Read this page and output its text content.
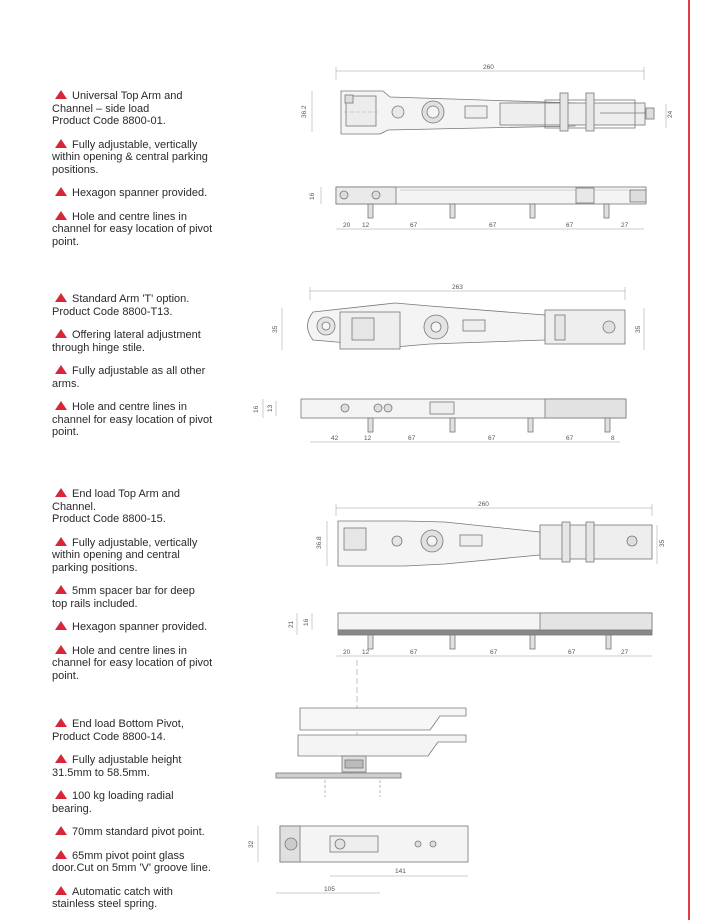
Universal Top Arm and
Channel – side load
Product Code 8800-01.
Fully adjustable, vertically
within opening & central parking
positions.
Hexagon spanner provided.
Hole and centre lines in
channel for easy location of pivot
point.
Standard Arm 'T' option.
Product Code 8800-T13.
Offering lateral adjustment
through hinge stile.
Fully adjustable as all other
arms.
Hole and centre lines in
channel for easy location of pivot
point.
End load Top Arm and
Channel.
Product Code 8800-15.
Fully adjustable, vertically
within opening and central
parking positions.
5mm spacer bar for deep
top rails included.
Hexagon spanner provided.
Hole and centre lines in
channel for easy location of pivot
point.
End load Bottom Pivot,
Product Code 8800-14.
Fully adjustable height
31.5mm to 58.5mm.
100 kg loading radial
bearing.
70mm standard pivot point.
65mm pivot point glass
door.Cut on 5mm 'V' groove line.
Automatic catch with
stainless steel spring.
260
36.2	24
16
20 12	67	67	67	27
263
35	35
16 13
42	12	67	67	67	8
260
36.8	35
21 16
20 12	67	67	67	27
32
141
105
